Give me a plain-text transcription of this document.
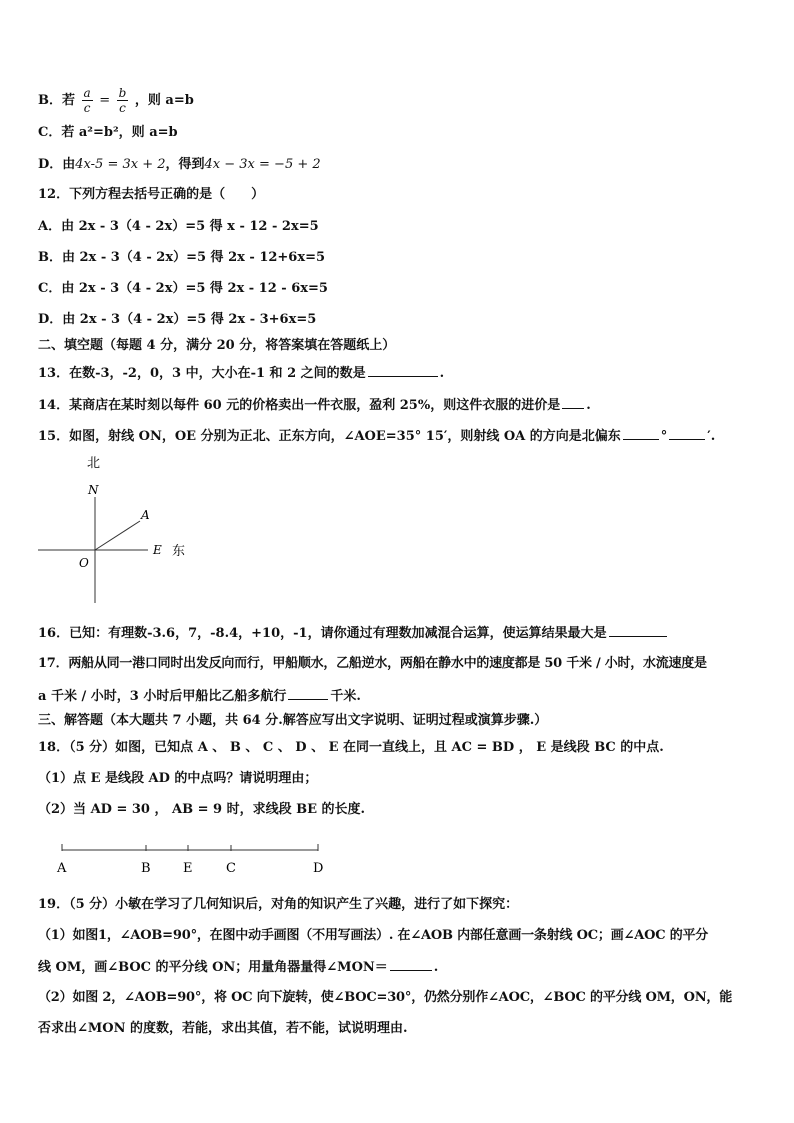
B．若 $\frac{a}{c} = \frac{b}{c}$ ，则 a=b
C．若 a²=b²，则 a=b
D．由4x-5 = 3x + 2，得到4x − 3x = −5 + 2
12．下列方程去括号正确的是（　　）
A．由 2x - 3（4 - 2x）=5 得 x - 12 - 2x=5
B．由 2x - 3（4 - 2x）=5 得 2x - 12+6x=5
C．由 2x - 3（4 - 2x）=5 得 2x - 12 - 6x=5
D．由 2x - 3（4 - 2x）=5 得 2x - 3+6x=5
二、填空题（每题 4 分，满分 20 分，将答案填在答题纸上）
13．在数-3，-2，0，3 中，大小在-1 和 2 之间的数是	.
14．某商店在某时刻以每件 60 元的价格卖出一件衣服，盈利 25%，则这件衣服的进价是 .
15．如图，射线 ON，OE 分别为正北、正东方向，∠AOE=35° 15′，则射线 OA 的方向是北偏东	°	′.
北
N
A
E 东
O
16．已知：有理数-3.6，7，-8.4，+10，-1，请你通过有理数加减混合运算，使运算结果最大是
17．两船从同一港口同时出发反向而行，甲船顺水，乙船逆水，两船在静水中的速度都是 50 千米 / 小时，水流速度是
a 千米 / 小时，3 小时后甲船比乙船多航行	千米.
三、解答题（本大题共 7 小题，共 64 分.解答应写出文字说明、证明过程或演算步骤.）
18．（5 分）如图，已知点 A 、 B 、 C 、 D 、 E 在同一直线上，且 AC = BD ， E 是线段 BC 的中点.
（1）点 E 是线段 AD 的中点吗？请说明理由；
（2）当 AD = 30 ， AB = 9 时，求线段 BE 的长度.
A	B E	C	D
19．（5 分）小敏在学习了几何知识后，对角的知识产生了兴趣，进行了如下探究：
（1）如图1，∠AOB=90°，在图中动手画图（不用写画法）. 在∠AOB 内部任意画一条射线 OC；画∠AOC 的平分
线 OM，画∠BOC 的平分线 ON；用量角器量得∠MON＝	.
（2）如图 2，∠AOB=90°，将 OC 向下旋转，使∠BOC=30°，仍然分别作∠AOC，∠BOC 的平分线 OM，ON，能
否求出∠MON 的度数，若能，求出其值，若不能，试说明理由.
